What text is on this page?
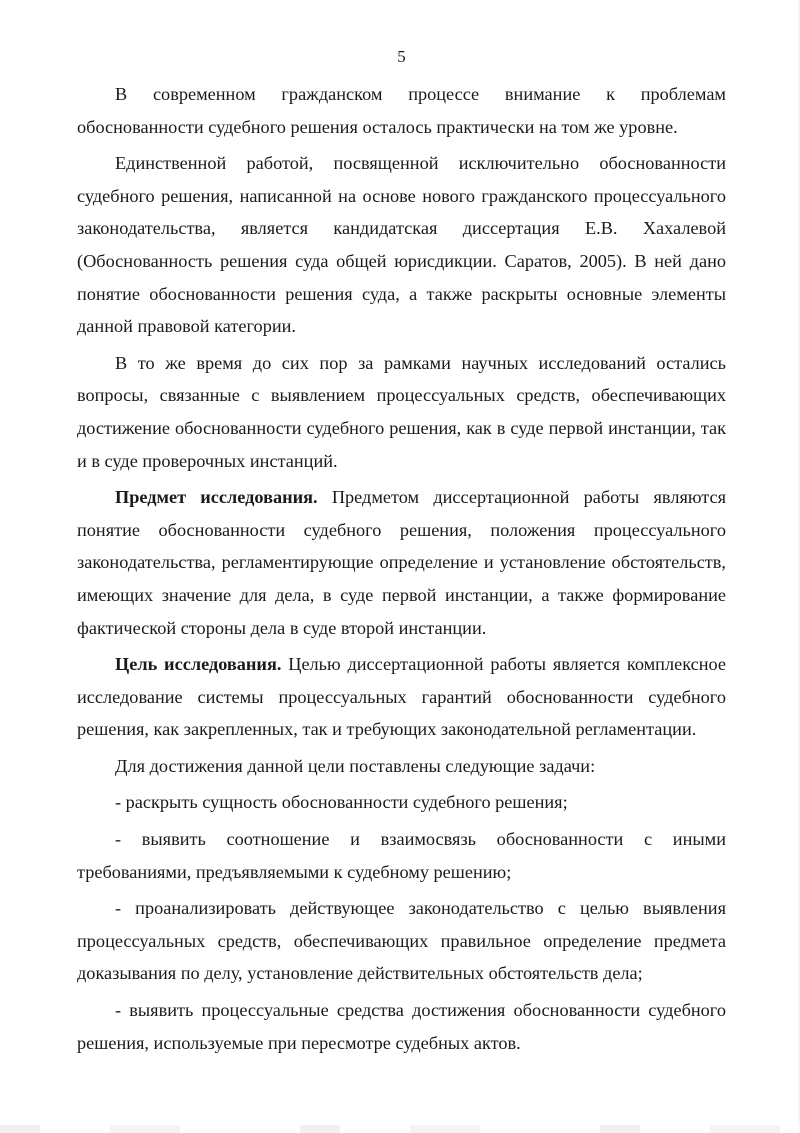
5

В современном гражданском процессе внимание к проблемам обоснованности судебного решения осталось практически на том же уровне.

Единственной работой, посвященной исключительно обоснованности судебного решения, написанной на основе нового гражданского процессуального законодательства, является кандидатская диссертация Е.В. Хахалевой (Обоснованность решения суда общей юрисдикции. Саратов, 2005). В ней дано понятие обоснованности решения суда, а также раскрыты основные элементы данной правовой категории.

В то же время до сих пор за рамками научных исследований остались вопросы, связанные с выявлением процессуальных средств, обеспечивающих достижение обоснованности судебного решения, как в суде первой инстанции, так и в суде проверочных инстанций.

Предмет исследования. Предметом диссертационной работы являются понятие обоснованности судебного решения, положения процессуального законодательства, регламентирующие определение и установление обстоятельств, имеющих значение для дела, в суде первой инстанции, а также формирование фактической стороны дела в суде второй инстанции.

Цель исследования. Целью диссертационной работы является комплексное исследование системы процессуальных гарантий обоснованности судебного решения, как закрепленных, так и требующих законодательной регламентации.

Для достижения данной цели поставлены следующие задачи:

- раскрыть сущность обоснованности судебного решения;

- выявить соотношение и взаимосвязь обоснованности с иными требованиями, предъявляемыми к судебному решению;

- проанализировать действующее законодательство с целью выявления процессуальных средств, обеспечивающих правильное определение предмета доказывания по делу, установление действительных обстоятельств дела;

- выявить процессуальные средства достижения обоснованности судебного решения, используемые при пересмотре судебных актов.
